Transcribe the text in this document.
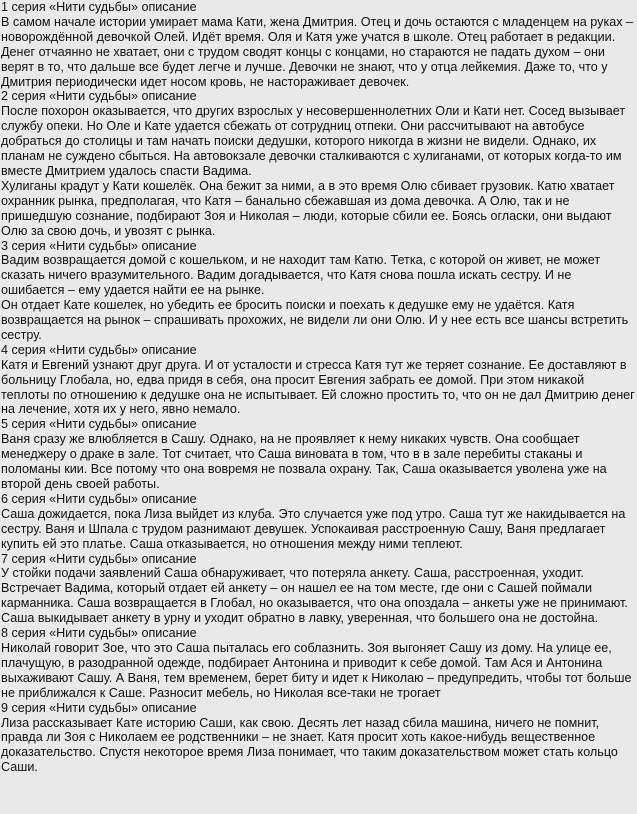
1 серия «Нити судьбы» описание
В самом начале истории умирает мама Кати, жена Дмитрия. Отец и дочь остаются с младенцем на руках – новорождённой девочкой Олей. Идёт время. Оля и Катя уже учатся в школе. Отец работает в редакции.
Денег отчаянно не хватает, они с трудом сводят концы с концами, но стараются не падать духом – они верят в то, что дальше все будет легче и лучше. Девочки не знают, что у отца лейкемия. Даже то, что у Дмитрия периодически идет носом кровь, не настораживает девочек.
2 серия «Нити судьбы» описание
После похорон оказывается, что других взрослых у несовершеннолетних Оли и Кати нет. Сосед вызывает службу опеки. Но Оле и Кате удается сбежать от сотрудниц отпеки. Они рассчитывают на автобусе добраться до столицы и там начать поиски дедушки, которого никогда в жизни не видели. Однако, их планам не суждено сбыться. На автовокзале девочки сталкиваются с хулиганами, от которых когда-то им вместе Дмитрием удалось спасти Вадима.
Хулиганы крадут у Кати кошелёк. Она бежит за ними, а в это время Олю сбивает грузовик. Катю хватает охранник рынка, предполагая, что Катя – банально сбежавшая из дома девочка. А Олю, так и не пришедшую сознание, подбирают Зоя и Николая – люди, которые сбили ее. Боясь огласки, они выдают Олю за свою дочь, и увозят с рынка.
3 серия «Нити судьбы» описание
Вадим возвращается домой с кошельком, и не находит там Катю. Тетка, с которой он живет, не может сказать ничего вразумительного. Вадим догадывается, что Катя снова пошла искать сестру. И не ошибается – ему удается найти ее на рынке.
Он отдает Кате кошелек, но убедить ее бросить поиски и поехать к дедушке ему не удаётся. Катя возвращается на рынок – спрашивать прохожих, не видели ли они Олю. И у нее есть все шансы встретить сестру.
4 серия «Нити судьбы» описание
Катя и Евгений узнают друг друга. И от усталости и стресса Катя тут же теряет сознание. Ее доставляют в больницу Глобала, но, едва придя в себя, она просит Евгения забрать ее домой. При этом никакой теплоты по отношению к дедушке она не испытывает. Ей сложно простить то, что он не дал Дмитрию денег на лечение, хотя их у него, явно немало.
5 серия «Нити судьбы» описание
Ваня сразу же влюбляется в Сашу. Однако, на не проявляет к нему никаких чувств. Она сообщает менеджеру о драке в зале. Тот считает, что Саша виновата в том, что в в зале перебиты стаканы и поломаны кии. Все потому что она вовремя не позвала охрану. Так, Саша оказывается уволена уже на второй день своей работы.
6 серия «Нити судьбы» описание
Саша дожидается, пока Лиза выйдет из клуба. Это случается уже под утро. Саша тут же накидывается на сестру. Ваня и Шпала с трудом разнимают девушек. Успокаивая расстроенную Сашу, Ваня предлагает купить ей это платье. Саша отказывается, но отношения между ними теплеют.
7 серия «Нити судьбы» описание
У стойки подачи заявлений Саша обнаруживает, что потеряла анкету. Саша, расстроенная, уходит. Встречает Вадима, который отдает ей анкету – он нашел ее на том месте, где они с Сашей поймали карманника. Саша возвращается в Глобал, но оказывается, что она опоздала – анкеты уже не принимают. Саша выкидывает анкету в урну и уходит обратно в лавку, уверенная, что большего она не достойна.
8 серия «Нити судьбы» описание
Николай говорит Зое, что это Саша пыталась его соблазнить. Зоя выгоняет Сашу из дому. На улице ее, плачущую, в разодранной одежде, подбирает Антонина и приводит к себе домой. Там Ася и Антонина выхаживают Сашу. А Ваня, тем временем, берет биту и идет к Николаю – предупредить, чтобы тот больше не приближался к Саше. Разносит мебель, но Николая все-таки не трогает
9 серия «Нити судьбы» описание
Лиза рассказывает Кате историю Саши, как свою. Десять лет назад сбила машина, ничего не помнит, правда ли Зоя с Николаем ее родственники – не знает. Катя просит хоть какое-нибудь вещественное доказательство. Спустя некоторое время Лиза понимает, что таким доказательством может стать кольцо Саши.
